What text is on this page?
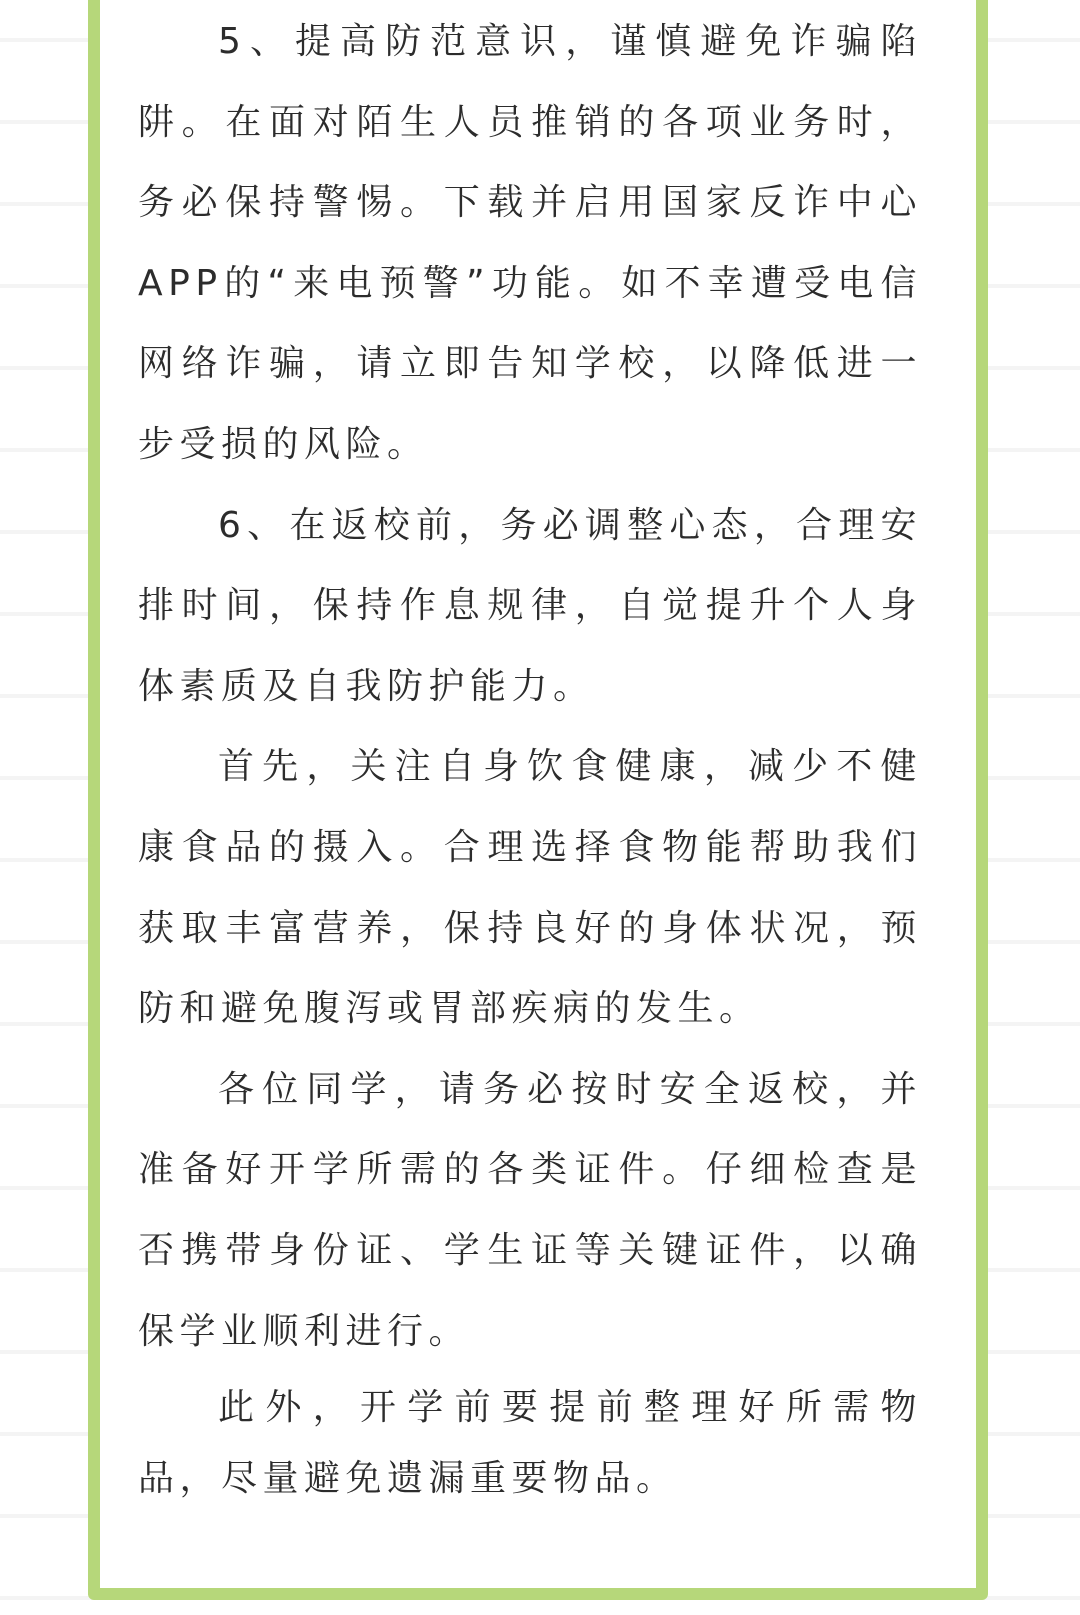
5、提高防范意识，谨慎避免诈骗陷阱。在面对陌生人员推销的各项业务时，务必保持警惕。下载并启用国家反诈中心APP的“来电预警”功能。如不幸遭受电信网络诈骗，请立即告知学校，以降低进一步受损的风险。

6、在返校前，务必调整心态，合理安排时间，保持作息规律，自觉提升个人身体素质及自我防护能力。

首先，关注自身饮食健康，减少不健康食品的摄入。合理选择食物能帮助我们获取丰富营养，保持良好的身体状况，预防和避免腹泻或胃部疾病的发生。

各位同学，请务必按时安全返校，并准备好开学所需的各类证件。仔细检查是否携带身份证、学生证等关键证件，以确保学业顺利进行。

此外，开学前要提前整理好所需物品，尽量避免遗漏重要物品。
